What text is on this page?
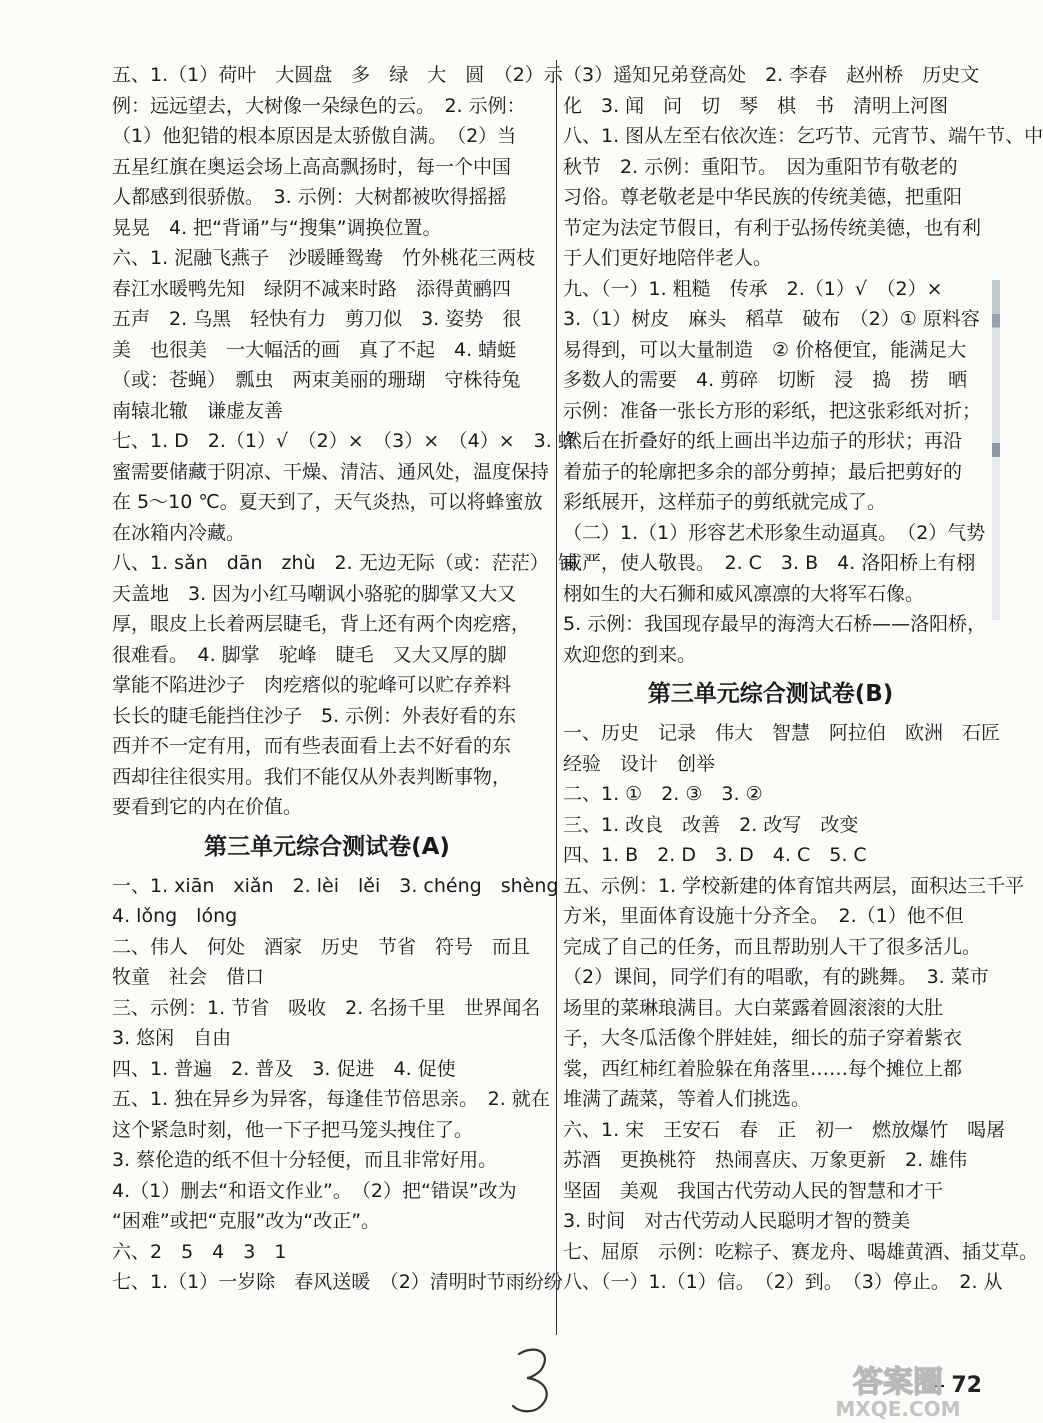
五、1.（1）荷叶　大圆盘　多　绿　大　圆　（2）示
例：远远望去，大树像一朵绿色的云。　2. 示例：
（1）他犯错的根本原因是太骄傲自满。　（2）当
五星红旗在奥运会场上高高飘扬时，每一个中国
人都感到很骄傲。　3. 示例：大树都被吹得摇摇
晃晃　4. 把“背诵”与“搜集”调换位置。
六、1. 泥融飞燕子　沙暖睡鸳鸯　竹外桃花三两枝
春江水暖鸭先知　绿阴不减来时路　添得黄鹂四
五声　2. 乌黑　轻快有力　剪刀似　3. 姿势　很
美　也很美　一大幅活的画　真了不起　4. 蜻蜓
（或：苍蝇）　瓢虫　两束美丽的珊瑚　守株待兔
南辕北辙　谦虚友善
七、1. D　2.（1）√　（2）×　（3）×　（4）×　3. 蜂
蜜需要储藏于阴凉、干燥、清洁、通风处，温度保持
在 5～10 ℃。夏天到了，天气炎热，可以将蜂蜜放
在冰箱内冷藏。
八、1. sǎn　dān　zhù　2. 无边无际（或：茫茫）　铺
天盖地　3. 因为小红马嘲讽小骆驼的脚掌又大又
厚，眼皮上长着两层睫毛，背上还有两个肉疙瘩，
很难看。　4. 脚掌　驼峰　睫毛　又大又厚的脚
掌能不陷进沙子　肉疙瘩似的驼峰可以贮存养料
长长的睫毛能挡住沙子　5. 示例：外表好看的东
西并不一定有用，而有些表面看上去不好看的东
西却往往很实用。我们不能仅从外表判断事物，
要看到它的内在价值。
第三单元综合测试卷(A)
一、1. xiān　xiǎn　2. lèi　lěi　3. chéng　shèng
4. lǒng　lóng
二、伟人　何处　酒家　历史　节省　符号　而且
牧童　社会　借口
三、示例：1. 节省　吸收　2. 名扬千里　世界闻名
3. 悠闲　自由
四、1. 普遍　2. 普及　3. 促进　4. 促使
五、1. 独在异乡为异客，每逢佳节倍思亲。　2. 就在
这个紧急时刻，他一下子把马笼头拽住了。
3. 蔡伦造的纸不但十分轻便，而且非常好用。
4.（1）删去“和语文作业”。　（2）把“错误”改为
“困难”或把“克服”改为“改正”。
六、2　5　4　3　1
七、1.（1）一岁除　春风送暖　（2）清明时节雨纷纷
（3）遥知兄弟登高处　2. 李春　赵州桥　历史文
化　3. 闻　问　切　琴　棋　书　清明上河图
八、1. 图从左至右依次连：乞巧节、元宵节、端午节、中
秋节　2. 示例：重阳节。　因为重阳节有敬老的
习俗。尊老敬老是中华民族的传统美德，把重阳
节定为法定节假日，有利于弘扬传统美德，也有利
于人们更好地陪伴老人。
九、（一）1. 粗糙　传承　2.（1）√　（2）×
3.（1）树皮　麻头　稻草　破布　（2）① 原料容
易得到，可以大量制造　② 价格便宜，能满足大
多数人的需要　4. 剪碎　切断　浸　捣　捞　晒
示例：准备一张长方形的彩纸，把这张彩纸对折；
然后在折叠好的纸上画出半边茄子的形状；再沿
着茄子的轮廓把多余的部分剪掉；最后把剪好的
彩纸展开，这样茄子的剪纸就完成了。
（二）1.（1）形容艺术形象生动逼真。　（2）气势
威严，使人敬畏。　2. C　3. B　4. 洛阳桥上有栩
栩如生的大石狮和威风凛凛的大将军石像。
5. 示例：我国现存最早的海湾大石桥——洛阳桥，
欢迎您的到来。
第三单元综合测试卷(B)
一、历史　记录　伟大　智慧　阿拉伯　欧洲　石匠
经验　设计　创举
二、1. ①　2. ③　3. ②
三、1. 改良　改善　2. 改写　改变
四、1. B　2. D　3. D　4. C　5. C
五、示例：1. 学校新建的体育馆共两层，面积达三千平
方米，里面体育设施十分齐全。　2.（1）他不但
完成了自己的任务，而且帮助别人干了很多活儿。
（2）课间，同学们有的唱歌，有的跳舞。　3. 菜市
场里的菜琳琅满目。大白菜露着圆滚滚的大肚
子，大冬瓜活像个胖娃娃，细长的茄子穿着紫衣
裳，西红柿红着脸躲在角落里……每个摊位上都
堆满了蔬菜，等着人们挑选。
六、1. 宋　王安石　春　正　初一　燃放爆竹　喝屠
苏酒　更换桃符　热闹喜庆、万象更新　2. 雄伟
坚固　美观　我国古代劳动人民的智慧和才干
3. 时间　对古代劳动人民聪明才智的赞美
七、屈原　示例：吃粽子、赛龙舟、喝雄黄酒、插艾草。
八、（一）1.（1）信。　（2）到。　（3）停止。　2. 从
72
答案圈
MXQE.COM
